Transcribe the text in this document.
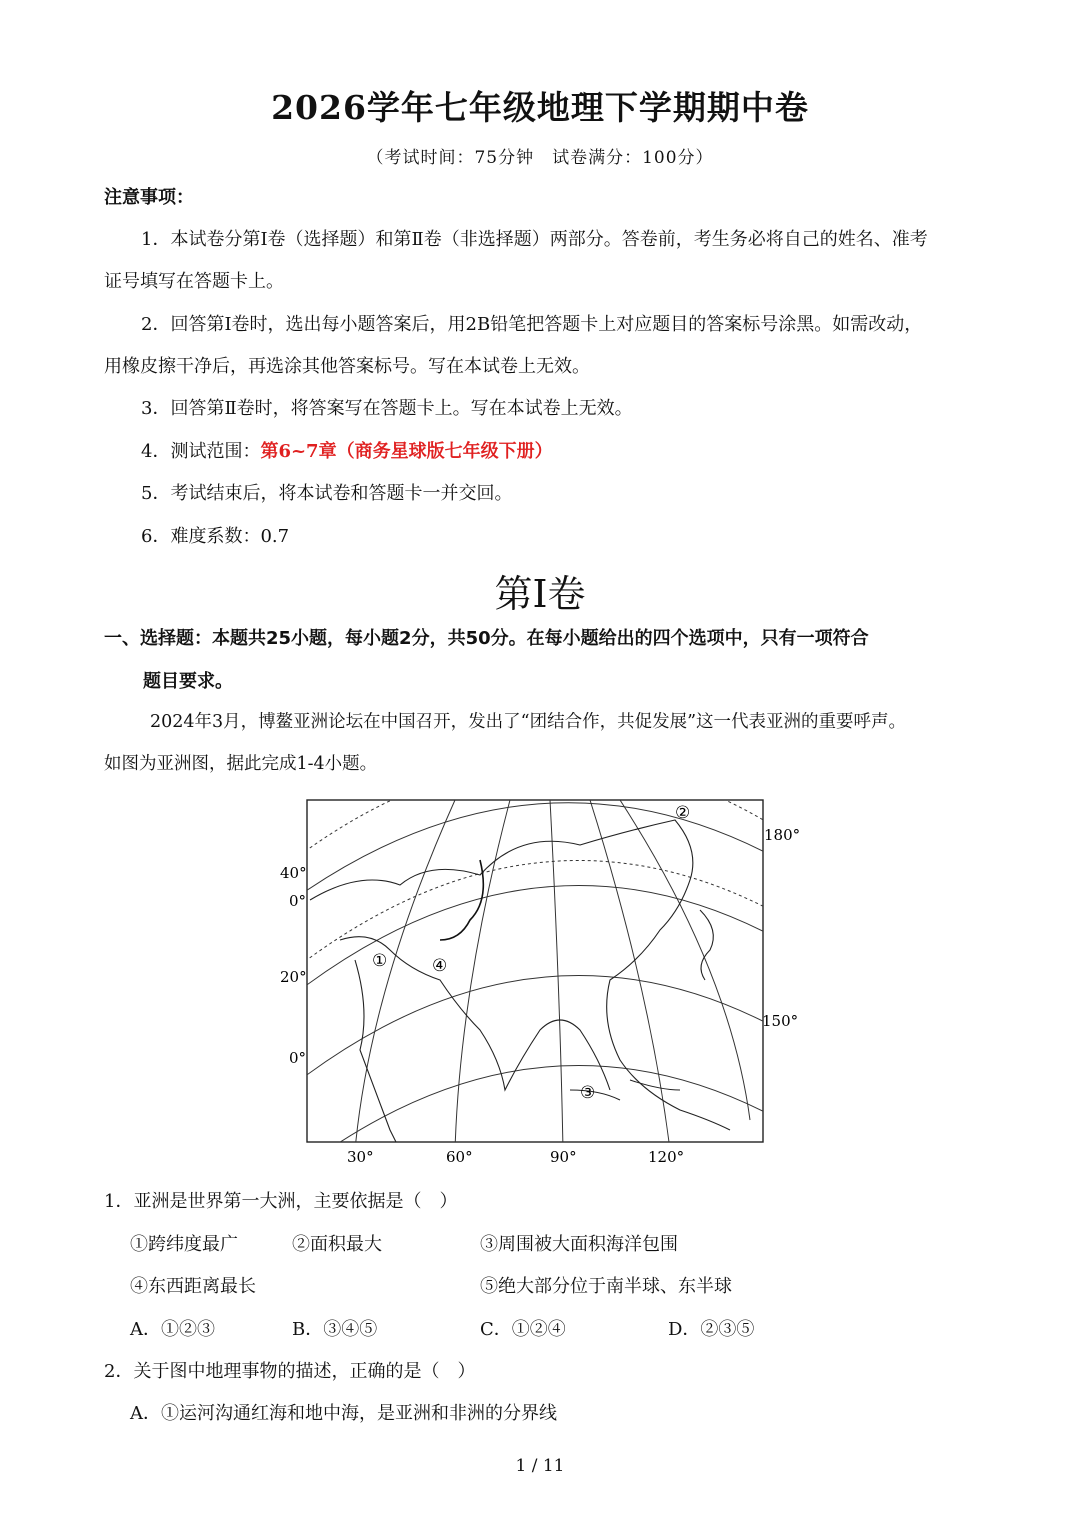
2026学年七年级地理下学期期中卷
（考试时间：75分钟　试卷满分：100分）
注意事项：
1．本试卷分第Ⅰ卷（选择题）和第Ⅱ卷（非选择题）两部分。答卷前，考生务必将自己的姓名、准考
证号填写在答题卡上。
2．回答第Ⅰ卷时，选出每小题答案后，用2B铅笔把答题卡上对应题目的答案标号涂黑。如需改动，
用橡皮擦干净后，再选涂其他答案标号。写在本试卷上无效。
3．回答第Ⅱ卷时，将答案写在答题卡上。写在本试卷上无效。
4．测试范围：第6~7章（商务星球版七年级下册）
5．考试结束后，将本试卷和答题卡一并交回。
6．难度系数：0.7
第Ⅰ卷
一、选择题：本题共25小题，每小题2分，共50分。在每小题给出的四个选项中，只有一项符合
题目要求。
2024年3月，博鳌亚洲论坛在中国召开，发出了“团结合作，共促发展”这一代表亚洲的重要呼声。
如图为亚洲图，据此完成1-4小题。
40°
0°
20°
0°
30°	60°	90°	120°
180°
150°
①
②
③
④
1．亚洲是世界第一大洲，主要依据是（　）
①跨纬度最广	②面积最大	③周围被大面积海洋包围
④东西距离最长	⑤绝大部分位于南半球、东半球
A．①②③	B．③④⑤	C．①②④	D．②③⑤
2．关于图中地理事物的描述，正确的是（　）
A．①运河沟通红海和地中海，是亚洲和非洲的分界线
1 / 11
